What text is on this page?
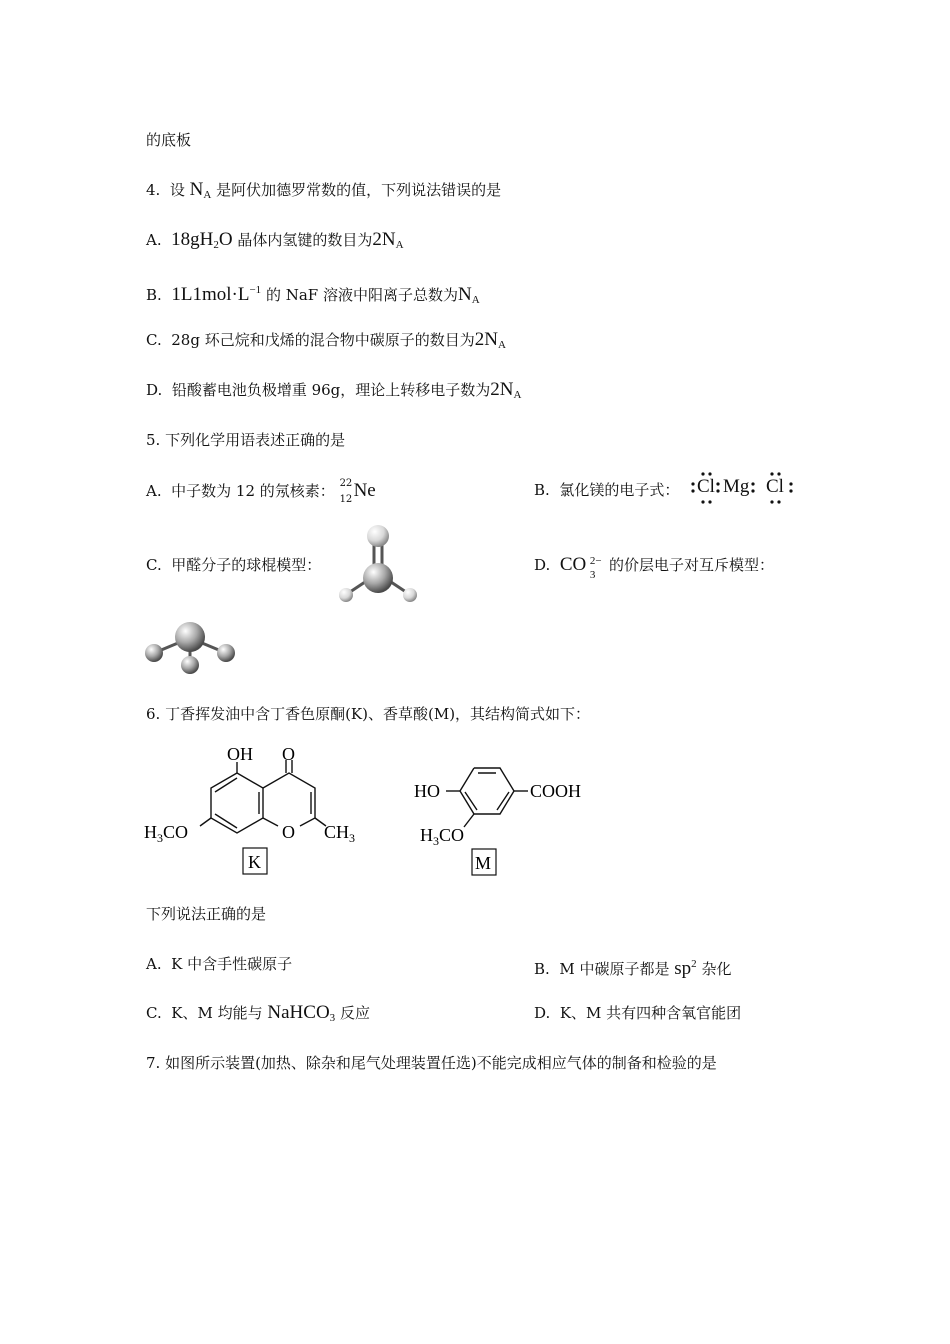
的底板
4. 设 $N_A$ 是阿伏加德罗常数的值，下列说法错误的是
A. $18gH_2O$ 晶体内氢键的数目为$2N_A$
B. $1L1mol\cdot L^{-1}$ 的 NaF 溶液中阳离子总数为$N_A$
C. 28g 环己烷和戊烯的混合物中碳原子的数目为$2N_A$
D. 铅酸蓄电池负极增重 96g，理论上转移电子数为$2N_A$
5. 下列化学用语表述正确的是
A. 中子数为 12 的氖核素： 22
12 Ne	B. 氯化镁的电子式： Cl Mg Cl
C. 甲醛分子的球棍模型：	D. CO 2−
3
的价层电子对互斥模型：
6. 丁香挥发油中含丁香色原酮(K)、香草酸(M)，其结构简式如下：
OH O
O
$H_3CO$	$CH_3$
K
HO	COOH
$H_3CO$
M
下列说法正确的是
A. K 中含手性碳原子	B. M 中碳原子都是 $sp^2$ 杂化
C. K、M 均能与 NaHCO$_3$ 反应	D. K、M 共有四种含氧官能团
7. 如图所示装置(加热、除杂和尾气处理装置任选)不能完成相应气体的制备和检验的是
